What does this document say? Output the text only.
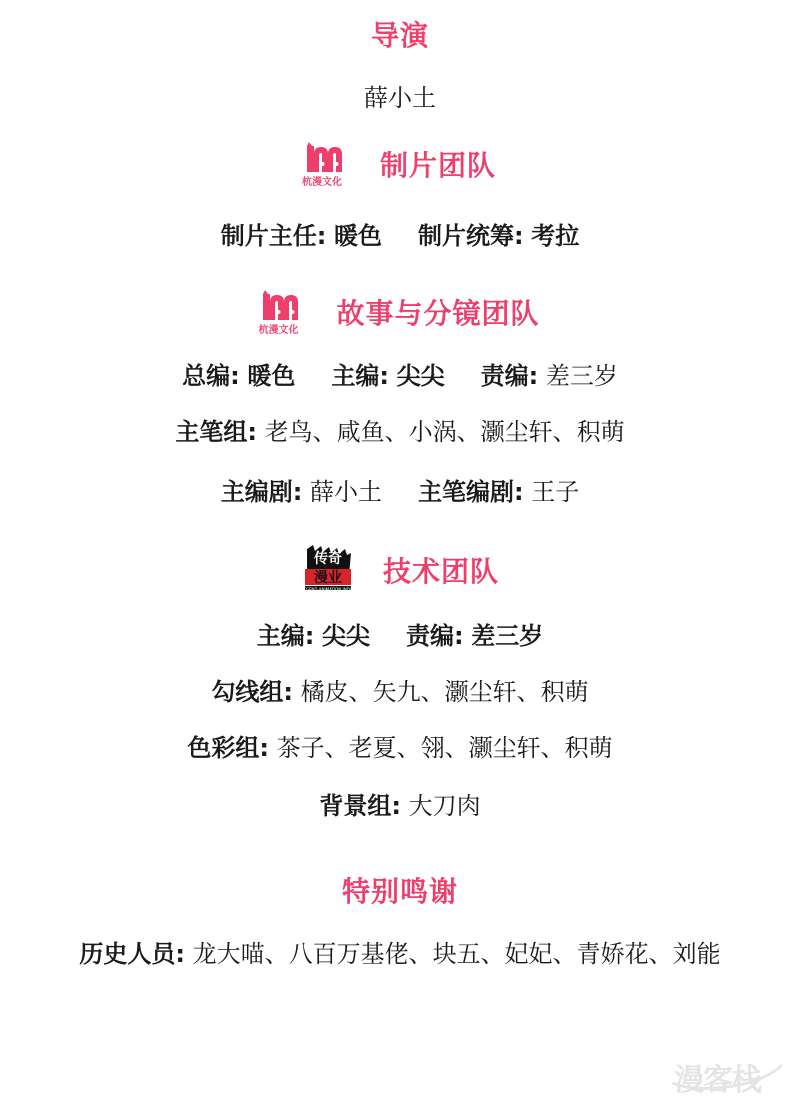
导演
薛小土
杭漫文化
制片团队
制片主任: 暖色 制片统筹: 考拉
杭漫文化
故事与分镜团队
总编: 暖色 主编: 尖尖 责编: 差三岁
主笔组: 老鸟、咸鱼、小涡、灏尘轩、积萌
主编剧: 薛小土 主笔编剧: 王子
传奇
漫业
LEGEND ANIMATION INDUSTRY
技术团队
主编: 尖尖 责编: 差三岁
勾线组: 橘皮、矢九、灏尘轩、积萌
色彩组: 茶子、老夏、翎、灏尘轩、积萌
背景组: 大刀肉
特别鸣谢
历史人员: 龙大喵、八百万基佬、块五、妃妃、青娇花、刘能
漫客栈
